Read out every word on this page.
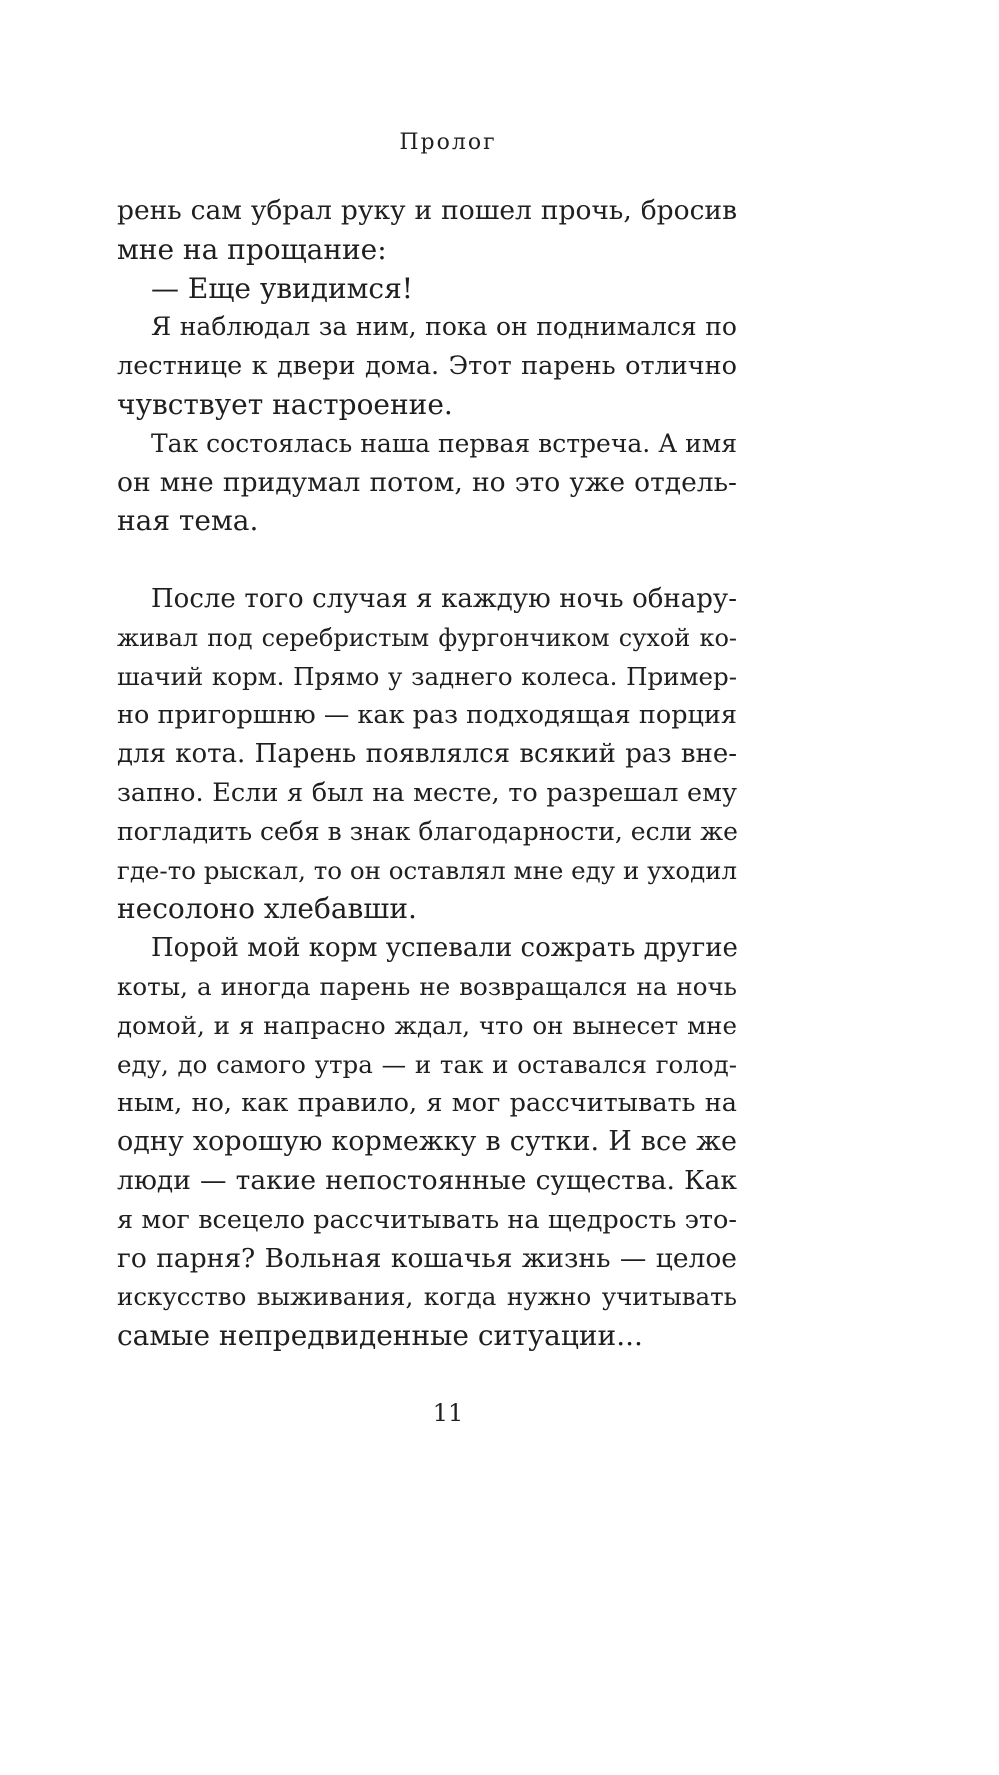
Пролог
рень сам убрал руку и пошел прочь, бросив
мне на прощание:
— Еще увидимся!
Я наблюдал за ним, пока он поднимался по
лестнице к двери дома. Этот парень отлично
чувствует настроение.
Так состоялась наша первая встреча. А имя
он мне придумал потом, но это уже отдель-
ная тема.
После того случая я каждую ночь обнару-
живал под серебристым фургончиком сухой ко-
шачий корм. Прямо у заднего колеса. Пример-
но пригоршню — как раз подходящая порция
для кота. Парень появлялся всякий раз вне-
запно. Если я был на месте, то разрешал ему
погладить себя в знак благодарности, если же
где-то рыскал, то он оставлял мне еду и уходил
несолоно хлебавши.
Порой мой корм успевали сожрать другие
коты, а иногда парень не возвращался на ночь
домой, и я напрасно ждал, что он вынесет мне
еду, до самого утра — и так и оставался голод-
ным, но, как правило, я мог рассчитывать на
одну хорошую кормежку в сутки. И все же
люди — такие непостоянные существа. Как
я мог всецело рассчитывать на щедрость это-
го парня? Вольная кошачья жизнь — целое
искусство выживания, когда нужно учитывать
самые непредвиденные ситуации...
11
